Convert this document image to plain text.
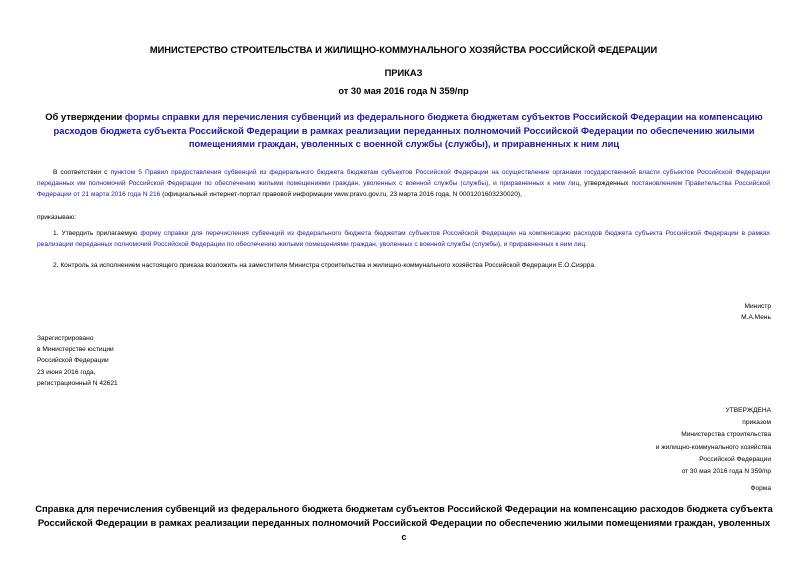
МИНИСТЕРСТВО СТРОИТЕЛЬСТВА И ЖИЛИЩНО-КОММУНАЛЬНОГО ХОЗЯЙСТВА РОССИЙСКОЙ ФЕДЕРАЦИИ
ПРИКАЗ
от 30 мая 2016 года N 359/пр
Об утверждении формы справки для перечисления субвенций из федерального бюджета бюджетам субъектов Российской Федерации на компенсацию расходов бюджета субъекта Российской Федерации в рамках реализации переданных полномочий Российской Федерации по обеспечению жилыми помещениями граждан, уволенных с военной службы (службы), и приравненных к ним лиц
В соответствии с пунктом 5 Правил предоставления субвенций из федерального бюджета бюджетам субъектов Российской Федерации на осуществление органами государственной власти субъектов Российской Федерации переданных им полномочий Российской Федерации по обеспечению жилыми помещениями граждан, уволенных с военной службы (службы), и приравненных к ним лиц, утвержденных постановлением Правительства Российской Федерации от 21 марта 2016 года N 216 (официальный интернет-портал правовой информации www.pravo.gov.ru, 23 марта 2016 года, N 0001201603230020),
приказываю:
1. Утвердить прилагаемую форму справки для перечисления субвенций из федерального бюджета бюджетам субъектов Российской Федерации на компенсацию расходов бюджета субъекта Российской Федерации в рамках реализации переданных полномочий Российской Федерации по обеспечению жилыми помещениями граждан, уволенных с военной службы (службы), и приравненных к ним лиц.
2. Контроль за исполнением настоящего приказа возложить на заместителя Министра строительства и жилищно-коммунального хозяйства Российской Федерации Е.О.Сиэрра.
Министр
М.А.Мень
Зарегистрировано
в Министерстве юстиции
Российской Федерации
23 июня 2016 года,
регистрационный N 42621
УТВЕРЖДЕНА
приказом
Министерства строительства
и жилищно-коммунального хозяйства
Российской Федерации
от 30 мая 2016 года N 359/пр
Форма
Справка для перечисления субвенций из федерального бюджета бюджетам субъектов Российской Федерации на компенсацию расходов бюджета субъекта Российской Федерации в рамках реализации переданных полномочий Российской Федерации по обеспечению жилыми помещениями граждан, уволенных с
